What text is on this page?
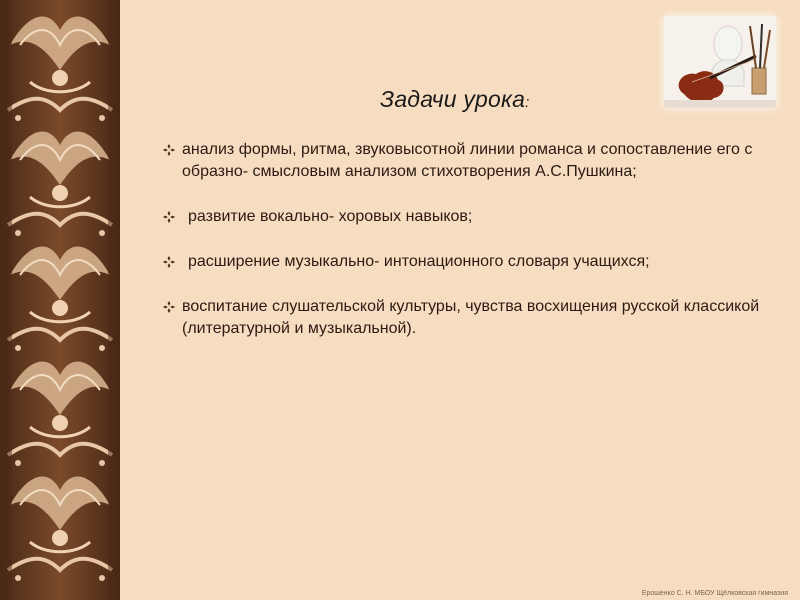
Задачи урока:
анализ формы, ритма, звуковысотной линии романса и сопоставление его с образно- смысловым анализом стихотворения А.С.Пушкина;
развитие вокально- хоровых навыков;
расширение музыкально- интонационного словаря учащихся;
воспитание слушательской культуры, чувства восхищения русской классикой (литературной и музыкальной).
Ерошенко С. Н. МБОУ Щёлковская гимназия
